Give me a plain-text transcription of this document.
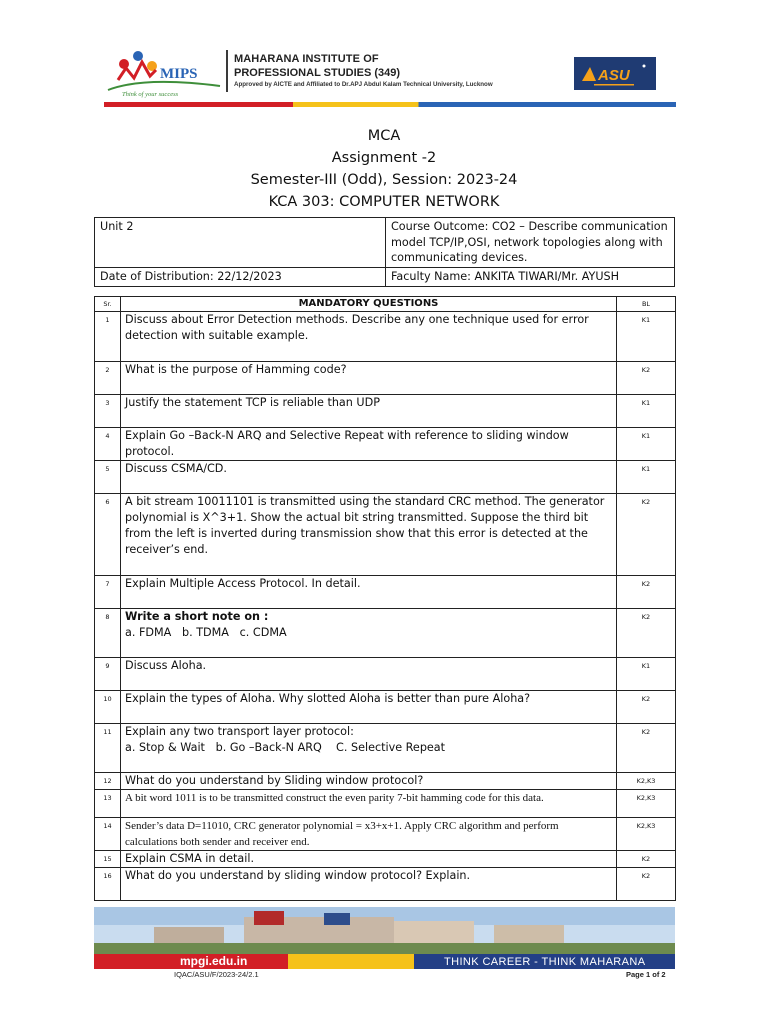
MIPS
Think of your success
MAHARANA INSTITUTE OF
PROFESSIONAL STUDIES (349)
Approved by AICTE and Affiliated to Dr.APJ Abdul Kalam Technical University, Lucknow
ASU
MCA
Assignment -2
Semester-III (Odd), Session: 2023-24
KCA 303: COMPUTER NETWORK
Unit 2	Course Outcome: CO2 – Describe communication model TCP/IP,OSI, network topologies along with communicating devices.
Date of Distribution: 22/12/2023	Faculty Name: ANKITA TIWARI/Mr. AYUSH
Sr.	MANDATORY QUESTIONS	BL
1	Discuss about Error Detection methods. Describe any one technique used for error detection with suitable example.	K1
2	What is the purpose of Hamming code?	K2
3	Justify the statement TCP is reliable than UDP	K1
4	Explain Go –Back-N ARQ and Selective Repeat with reference to sliding window protocol.	K1
5	Discuss CSMA/CD.	K1
6	A bit stream 10011101 is transmitted using the standard CRC method. The generator polynomial is X^3+1. Show the actual bit string transmitted. Suppose the third bit from the left is inverted during transmission show that this error is detected at the receiver’s end.	K2
7	Explain Multiple Access Protocol. In detail.	K2
8	Write a short note on :
a. FDMA   b. TDMA   c. CDMA	K2
9	Discuss Aloha.	K1
10	Explain the types of Aloha. Why slotted Aloha is better than pure Aloha?	K2
11	Explain any two transport layer protocol:
a. Stop & Wait   b. Go –Back-N ARQ    C. Selective Repeat	K2
12	What do you understand by Sliding window protocol?	K2,K3
13	A bit word 1011 is to be transmitted construct the even parity 7-bit hamming code for this data.	K2,K3
14	Sender’s data D=11010, CRC generator polynomial = x3+x+1. Apply CRC algorithm and perform calculations both sender and receiver end.	K2,K3
15	Explain CSMA in detail.	K2
16	What do you understand by sliding window protocol? Explain.	K2
mpgi.edu.in	THINK CAREER - THINK MAHARANA
IQAC/ASU/F/2023-24/2.1	Page 1 of 2
